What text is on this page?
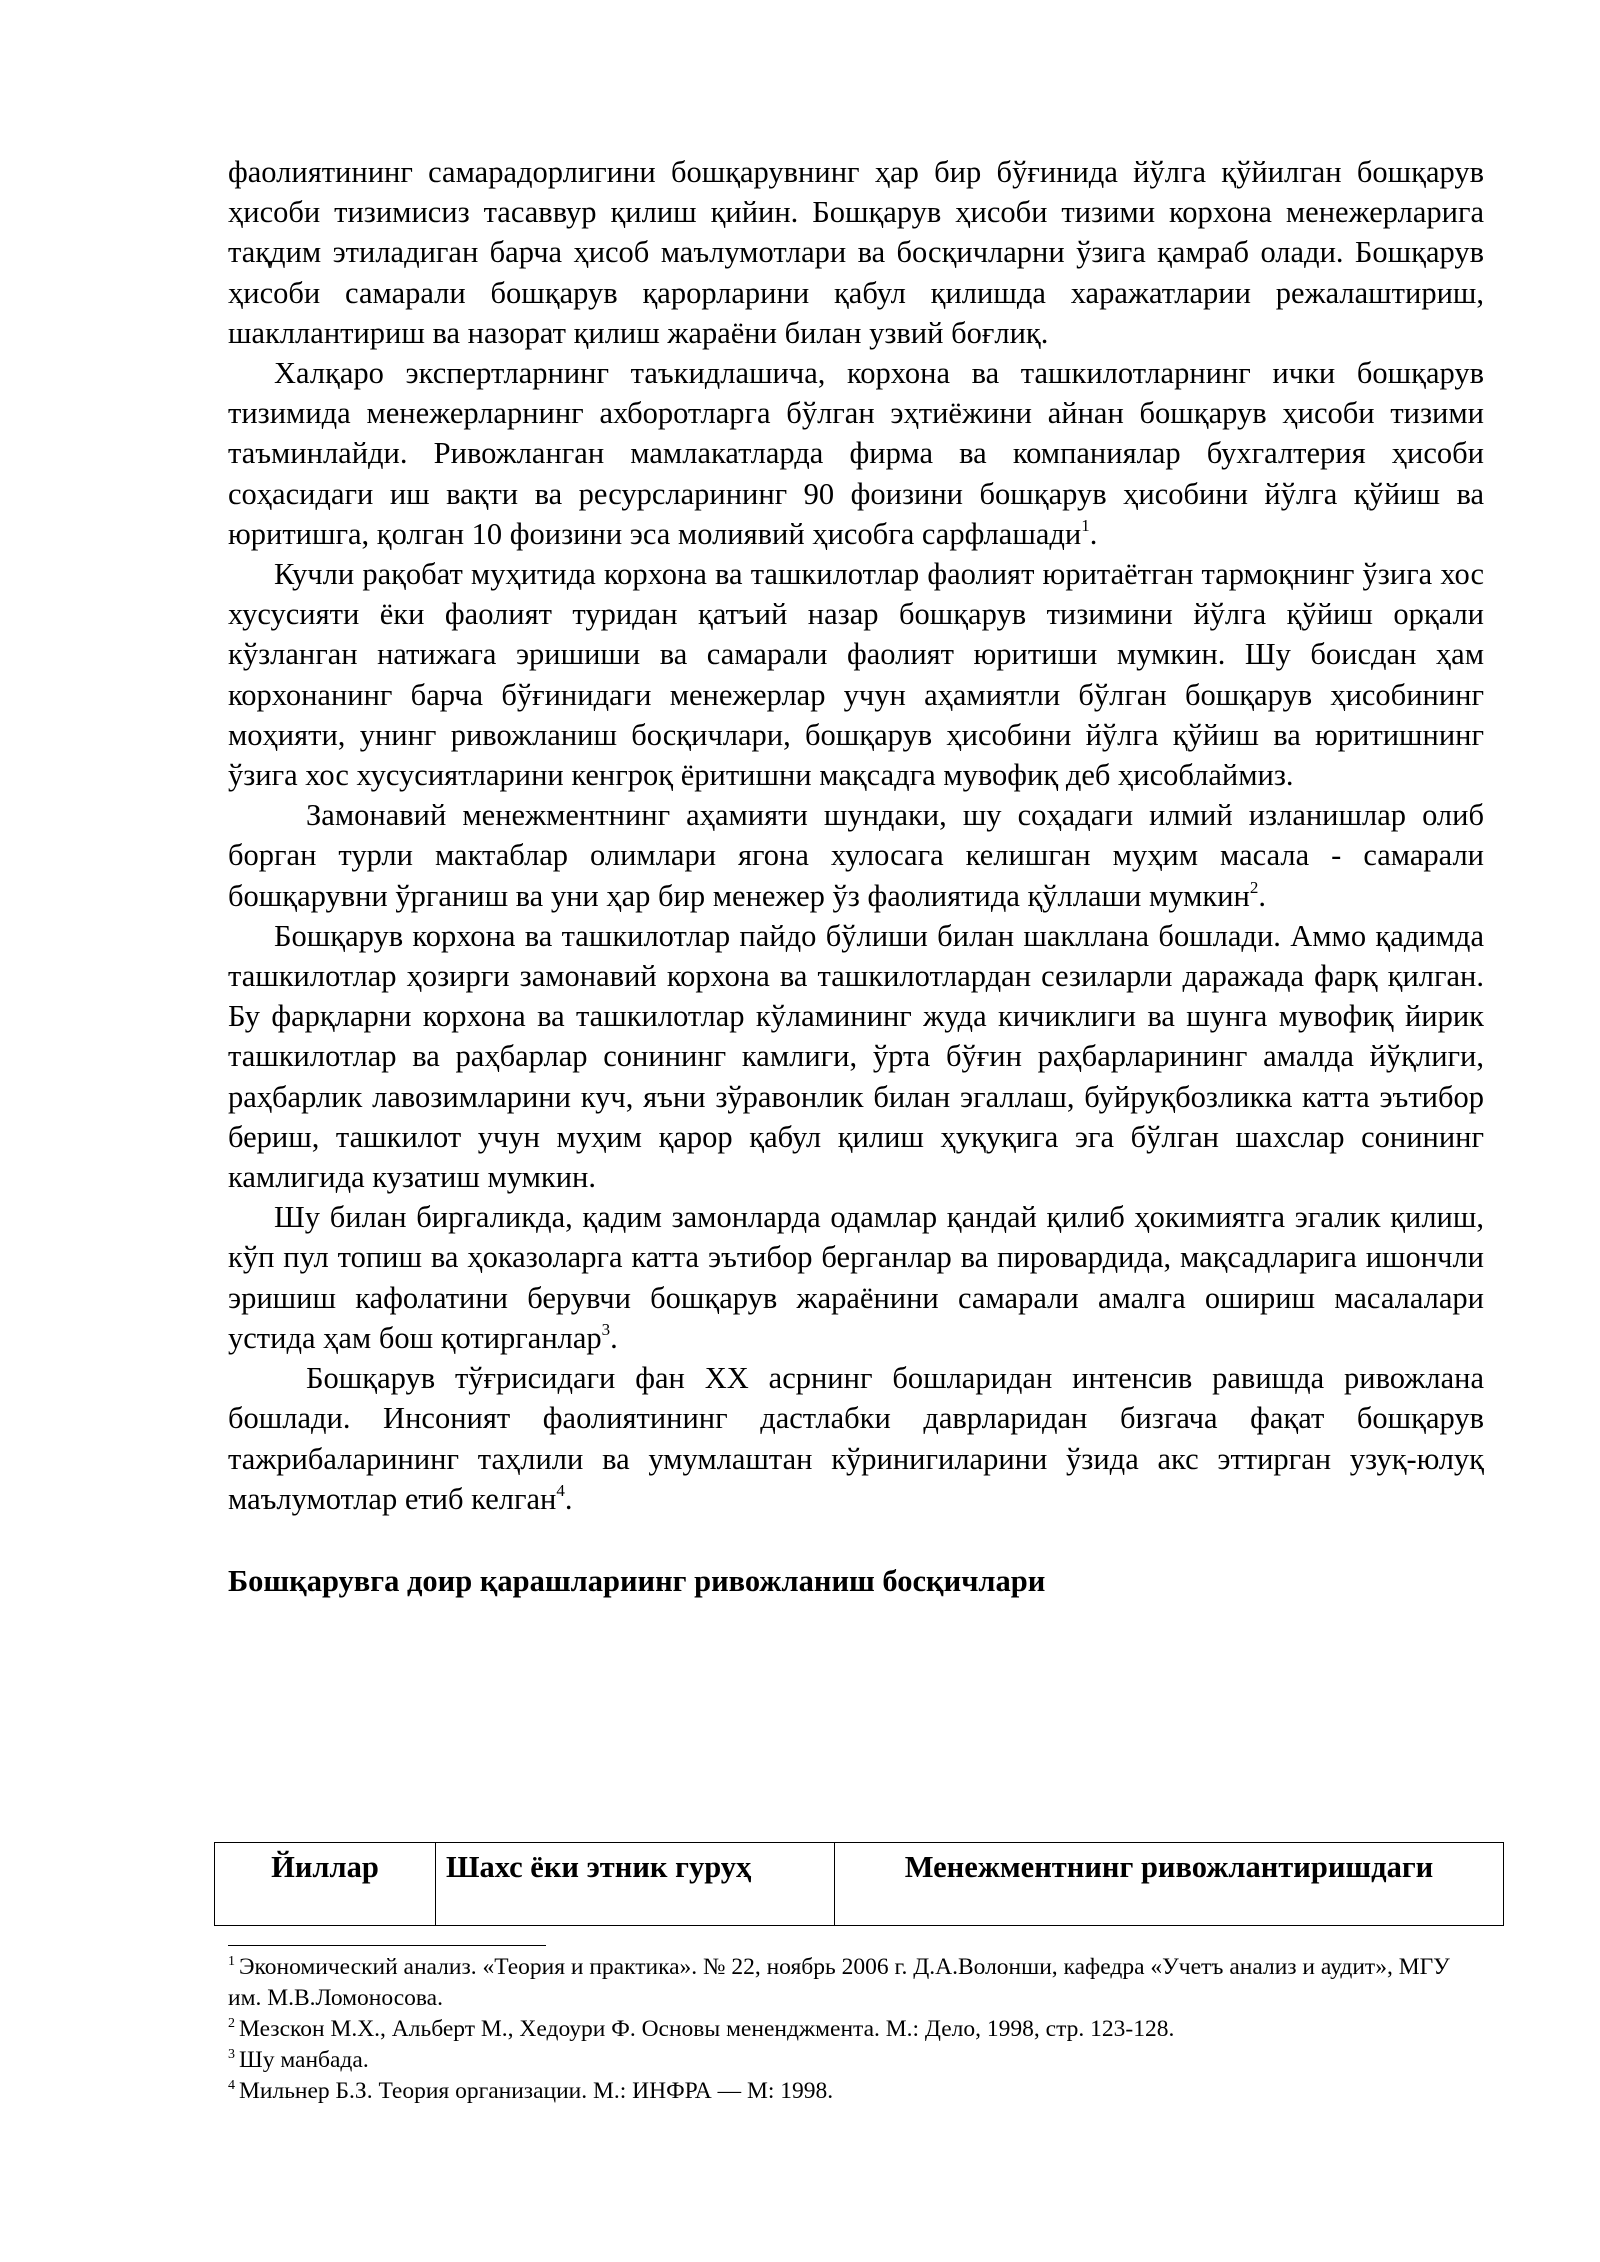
фаолиятининг самарадорлигини бошқарувнинг ҳар бир бўғинида йўлга қўйилган бошқарув ҳисоби тизимисиз тасаввур қилиш қийин. Бошқарув ҳисоби тизими корхона менежерларига тақдим этиладиган барча ҳисоб маълумотлари ва босқичларни ўзига қамраб олади. Бошқарув ҳисоби самарали бошқарув қарорларини қабул қилишда харажатларии режалаштириш, шакллантириш ва назорат қилиш жараёни билан узвий боғлиқ.

Халқаро экспертларнинг таъкидлашича, корхона ва ташкилотларнинг ички бошқарув тизимида менежерларнинг ахборотларга бўлган эҳтиёжини айнан бошқарув ҳисоби тизими таъминлайди. Ривожланган мамлакатларда фирма ва компаниялар бухгалтерия ҳисоби соҳасидаги иш вақти ва ресурсларининг 90 фоизини бошқарув ҳисобини йўлга қўйиш ва юритишга, қолган 10 фоизини эса молиявий ҳисобга сарфлашади$^1$.

Кучли рақобат муҳитида корхона ва ташкилотлар фаолият юритаётган тармоқнинг ўзига хос хусусияти ёки фаолият туридан қатъий назар бошқарув тизимини йўлга қўйиш орқали кўзланган натижага эришиши ва самарали фаолият юритиши мумкин. Шу боисдан ҳам корхонанинг барча бўғинидаги менежерлар учун аҳамиятли бўлган бошқарув ҳисобининг моҳияти, унинг ривожланиш босқичлари, бошқарув ҳисобини йўлга қўйиш ва юритишнинг ўзига хос хусусиятларини кенгроқ ёритишни мақсадга мувофиқ деб ҳисоблаймиз.

Замонавий менежментнинг аҳамияти шундаки, шу соҳадаги илмий изланишлар олиб борган турли мактаблар олимлари ягона хулосага келишган муҳим масала - самарали бошқарувни ўрганиш ва уни ҳар бир менежер ўз фаолиятида қўллаши мумкин$^2$.

Бошқарув корхона ва ташкилотлар пайдо бўлиши билан шакллана бошлади. Аммо қадимда ташкилотлар ҳозирги замонавий корхона ва ташкилотлардан сезиларли даражада фарқ қилган. Бу фарқларни корхона ва ташкилотлар кўламининг жуда кичиклиги ва шунга мувофиқ йирик ташкилотлар ва раҳбарлар сонининг камлиги, ўрта бўғин раҳбарларининг амалда йўқлиги, раҳбарлик лавозимларини куч, яъни зўравонлик билан эгаллаш, буйруқбозликка катта эътибор бериш, ташкилот учун муҳим қарор қабул қилиш ҳуқуқига эга бўлган шахслар сонининг камлигида кузатиш мумкин.

Шу билан биргаликда, қадим замонларда одамлар қандай қилиб ҳокимиятга эгалик қилиш, кўп пул топиш ва ҳоказоларга катта эътибор берганлар ва пировардида, мақсадларига ишончли эришиш кафолатини берувчи бошқарув жараёнини самарали амалга ошириш масалалари устида ҳам бош қотирганлар$^3$.

Бошқарув тўғрисидаги фан XX асрнинг бошларидан интенсив равишда ривожлана бошлади. Инсоният фаолиятининг дастлабки даврларидан бизгача фақат бошқарув тажрибаларининг таҳлили ва умумлаштан кўринигиларини ўзида акс эттирган узуқ-юлуқ маълумотлар етиб келган$^4$.

Бошқарувга доир қарашлариинг ривожланиш босқичлари

Йиллар	Шахс ёки этник гуруҳ	Менежментнинг ривожлантиришдаги

$^1$ Экономический анализ. «Теория и практика». № 22, ноябрь 2006 г. Д.А.Волонши, кафедра «Учетъ анализ и аудит», МГУ им. М.В.Ломоносова.

$^2$ Мезскон М.Х., Альберт М., Хедоури Ф. Основы мененджмента. М.: Дело, 1998, стр. 123-128.

$^3$ Шу манбада.

$^4$ Мильнер Б.З. Теория организации. М.: ИНФРА — М: 1998.
